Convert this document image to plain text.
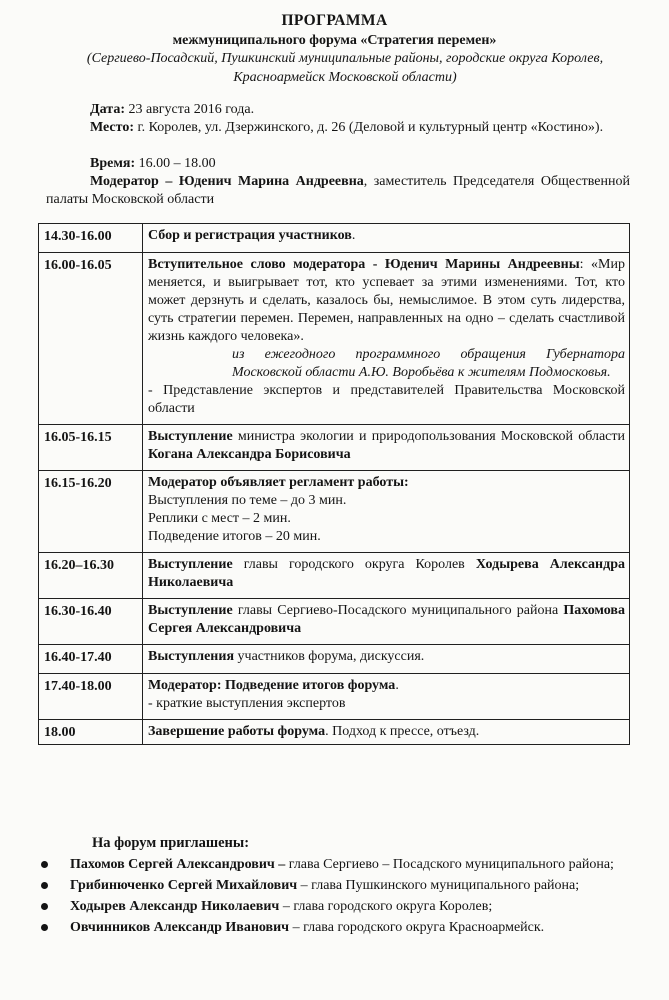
ПРОГРАММА
межмуниципального форума «Стратегия перемен»
(Сергиево-Посадский, Пушкинский муниципальные районы, городские округа Королев,
Красноармейск Московской области)
Дата: 23 августа 2016 года.
Место: г. Королев, ул. Дзержинского, д. 26 (Деловой и культурный центр «Костино»).
Время: 16.00 – 18.00
Модератор – Юденич Марина Андреевна, заместитель Председателя Общественной палаты Московской области
14.30-16.00	Сбор и регистрация участников.
16.00-16.05	Вступительное слово модератора - Юденич Марины Андреевны: «Мир меняется, и выигрывает тот, кто успевает за этими изменениями. Тот, кто может дерзнуть и сделать, казалось бы, немыслимое. В этом суть лидерства, суть стратегии перемен. Перемен, направленных на одно – сделать счастливой жизнь каждого человека».
из ежегодного программного обращения Губернатора Московской области А.Ю. Воробьёва к жителям Подмосковья.
- Представление экспертов и представителей Правительства Московской области

16.05-16.15	Выступление министра экологии и природопользования Московской области Когана Александра Борисовича
16.15-16.20	Модератор объявляет регламент работы:
Выступления по теме – до 3 мин.
Реплики с мест – 2 мин.
Подведение итогов – 20 мин.

16.20–16.30	Выступление главы городского округа Королев Ходырева Александра Николаевича
16.30-16.40	Выступление главы Сергиево-Посадского муниципального района Пахомова Сергея Александровича
16.40-17.40	Выступления участников форума, дискуссия.
17.40-18.00	Модератор: Подведение итогов форума.
- краткие выступления экспертов

18.00	Завершение работы форума. Подход к прессе, отъезд.
На форум приглашены:
Пахомов Сергей Александрович – глава Сергиево – Посадского муниципального района;
Грибинюченко Сергей Михайлович – глава Пушкинского муниципального района;
Ходырев Александр Николаевич – глава городского округа Королев;
Овчинников Александр Иванович – глава городского округа Красноармейск.
